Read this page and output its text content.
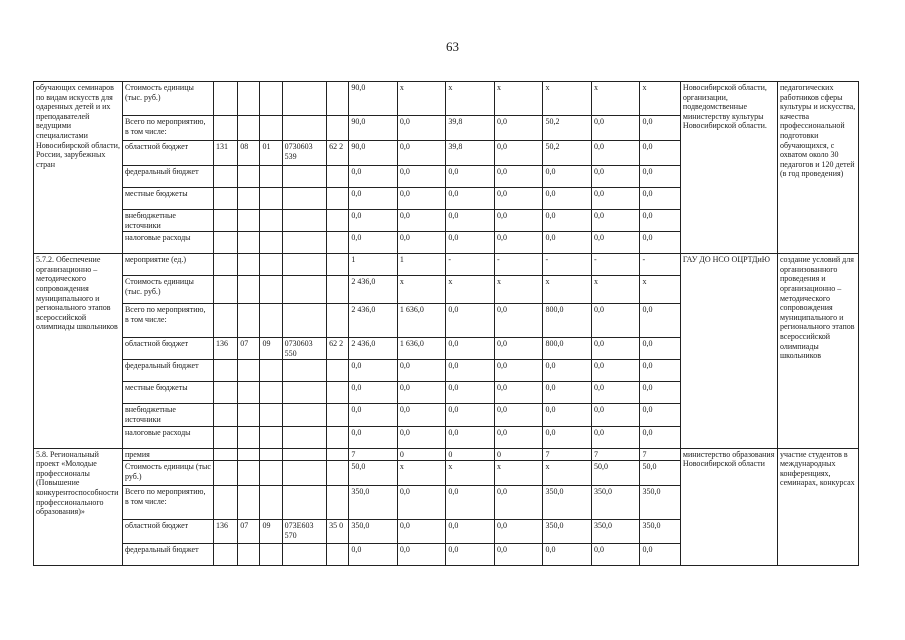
63
обучающих семинаров по видам искусств для одаренных детей и их преподавателей ведущими специалистами Новосибирской области, России, зарубежных стран	Стоимость единицы (тыс. руб.)						90,0	x	x	x	x	x	x	Новосибирской области, организации, подведомственные министерству культуры Новосибирской области.	педагогических работников сферы культуры и искусства, качества профессиональной подготовки обучающихся, с охватом около 30 педагогов и 120 детей (в год проведения)
	Всего по мероприятию, в том числе:						90,0	0,0	39,8	0,0	50,2	0,0	0,0		
	областной бюджет	131	08	01	0730603 539	62 2	90,0	0,0	39,8	0,0	50,2	0,0	0,0		
	федеральный бюджет						0,0	0,0	0,0	0,0	0,0	0,0	0,0		
	местные бюджеты						0,0	0,0	0,0	0,0	0,0	0,0	0,0		
	внебюджетные источники						0,0	0,0	0,0	0,0	0,0	0,0	0,0		
	налоговые расходы						0,0	0,0	0,0	0,0	0,0	0,0	0,0		
5.7.2. Обеспечение организационно – методического сопровождения муниципального и регионального этапов всероссийской олимпиады школьников	мероприятие (ед.)						1	1	-	-	-	-	-	ГАУ ДО НСО ОЦРТДиЮ	создание условий для организованного проведения и организационно – методического сопровождения муниципального и регионального этапов всероссийской олимпиады школьников
	Стоимость единицы (тыс. руб.)						2 436,0	x	x	x	x	x	x		
	Всего по мероприятию, в том числе:						2 436,0	1 636,0	0,0	0,0	800,0	0,0	0,0		
	областной бюджет	136	07	09	0730603 550	62 2	2 436,0	1 636,0	0,0	0,0	800,0	0,0	0,0		
	федеральный бюджет						0,0	0,0	0,0	0,0	0,0	0,0	0,0		
	местные бюджеты						0,0	0,0	0,0	0,0	0,0	0,0	0,0		
	внебюджетные источники						0,0	0,0	0,0	0,0	0,0	0,0	0,0		
	налоговые расходы						0,0	0,0	0,0	0,0	0,0	0,0	0,0		
5.8. Региональный проект «Молодые профессионалы (Повышение конкурентоспособности профессионального образования)»	премия						7	0	0	0	7	7	7	министерство образования Новосибирской области	участие студентов в международных конференциях, семинарах, конкурсах
	Стоимость единицы (тыс руб.)						50,0	x	x	x	x	50,0	50,0		
	Всего по мероприятию, в том числе:						350,0	0,0	0,0	0,0	350,0	350,0	350,0		
	областной бюджет	136	07	09	073E603 570	35 0	350,0	0,0	0,0	0,0	350,0	350,0	350,0		
	федеральный бюджет						0,0	0,0	0,0	0,0	0,0	0,0	0,0		
